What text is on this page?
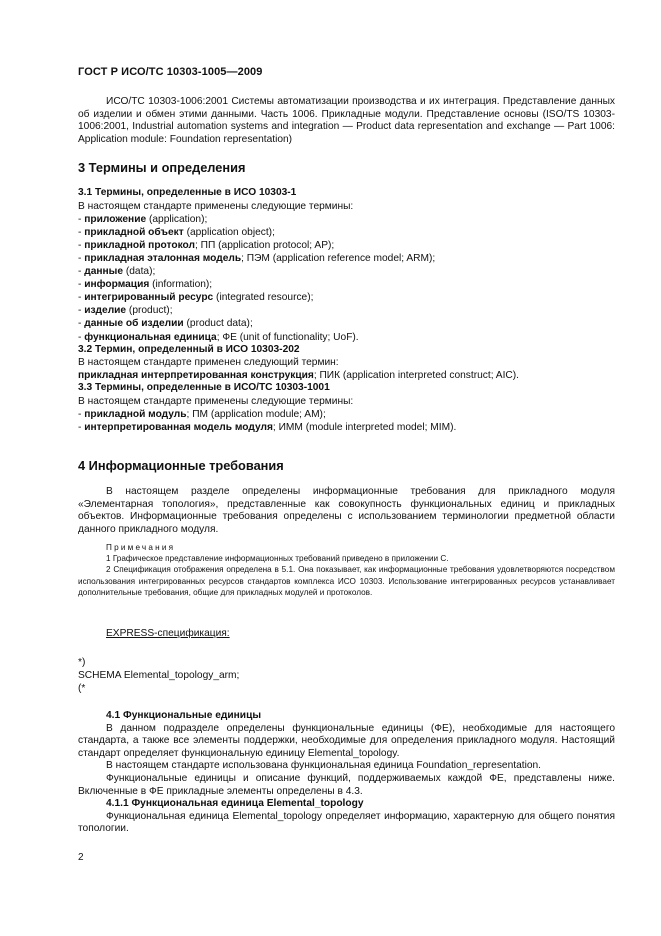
ГОСТ Р ИСО/ТС 10303-1005—2009

ИСО/ТС 10303-1006:2001 Системы автоматизации производства и их интеграция. Представление данных об изделии и обмен этими данными. Часть 1006. Прикладные модули. Представление основы (ISO/TS 10303-1006:2001, Industrial automation systems and integration — Product data representation and exchange — Part 1006: Application module: Foundation representation)

3 Термины и определения

3.1 Термины, определенные в ИСО 10303-1

В настоящем стандарте применены следующие термины:

- приложение (application);

- прикладной объект (application object);

- прикладной протокол; ПП (application protocol; AP);

- прикладная эталонная модель; ПЭМ (application reference model; ARM);

- данные (data);

- информация (information);

- интегрированный ресурс (integrated resource);

- изделие (product);

- данные об изделии (product data);

- функциональная единица; ФЕ (unit of functionality; UoF).

3.2 Термин, определенный в ИСО 10303-202

В настоящем стандарте применен следующий термин:

прикладная интерпретированная конструкция; ПИК (application interpreted construct; AIC).

3.3 Термины, определенные в ИСО/ТС 10303-1001

В настоящем стандарте применены следующие термины:

- прикладной модуль; ПМ (application module; AM);

- интерпретированная модель модуля; ИММ (module interpreted model; MIM).

4 Информационные требования

В настоящем разделе определены информационные требования для прикладного модуля «Элементарная топология», представленные как совокупность функциональных единиц и прикладных объектов. Информационные требования определены с использованием терминологии предметной области данного прикладного модуля.

Примечания

1 Графическое представление информационных требований приведено в приложении C.

2 Спецификация отображения определена в 5.1. Она показывает, как информационные требования удовлетворяются посредством использования интегрированных ресурсов стандартов комплекса ИСО 10303. Использование интегрированных ресурсов устанавливает дополнительные требования, общие для прикладных модулей и протоколов.

EXPRESS-спецификация:

*)

SCHEMA Elemental_topology_arm;

(*

4.1 Функциональные единицы

В данном подразделе определены функциональные единицы (ФЕ), необходимые для настоящего стандарта, а также все элементы поддержки, необходимые для определения прикладного модуля. Настоящий стандарт определяет функциональную единицу Elemental_topology.

В настоящем стандарте использована функциональная единица Foundation_representation.

Функциональные единицы и описание функций, поддерживаемых каждой ФЕ, представлены ниже. Включенные в ФЕ прикладные элементы определены в 4.3.

4.1.1 Функциональная единица Elemental_topology

Функциональная единица Elemental_topology определяет информацию, характерную для общего понятия топологии.

2
